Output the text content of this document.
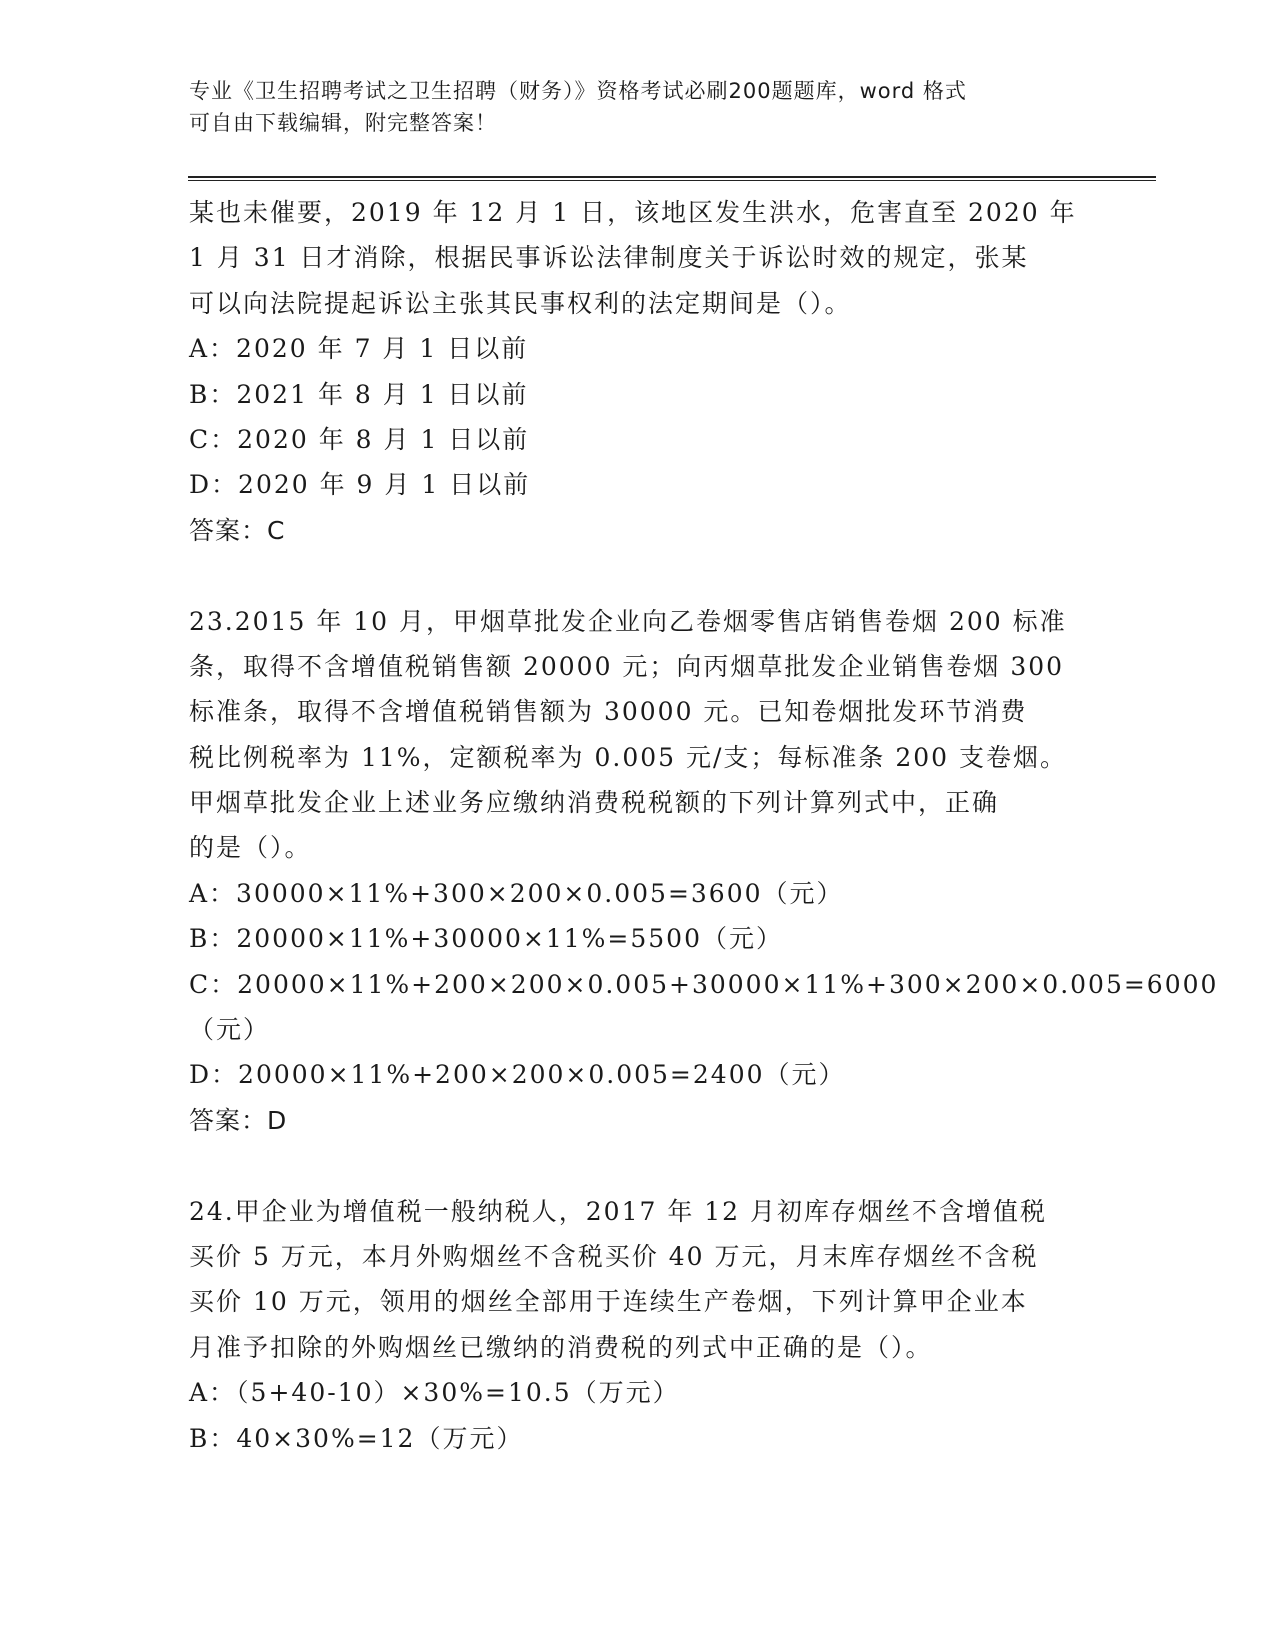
专业《卫生招聘考试之卫生招聘（财务）》资格考试必刷200题题库，word 格式
可自由下载编辑，附完整答案！
某也未催要，2019 年 12 月 1 日，该地区发生洪水，危害直至 2020 年
1 月 31 日才消除，根据民事诉讼法律制度关于诉讼时效的规定，张某
可以向法院提起诉讼主张其民事权利的法定期间是（）。
A：2020 年 7 月 1 日以前
B：2021 年 8 月 1 日以前
C：2020 年 8 月 1 日以前
D：2020 年 9 月 1 日以前
答案：C
23.2015 年 10 月，甲烟草批发企业向乙卷烟零售店销售卷烟 200 标准
条，取得不含增值税销售额 20000 元；向丙烟草批发企业销售卷烟 300
标准条，取得不含增值税销售额为 30000 元。已知卷烟批发环节消费
税比例税率为 11%，定额税率为 0.005 元/支；每标准条 200 支卷烟。
甲烟草批发企业上述业务应缴纳消费税税额的下列计算列式中，正确
的是（）。
A：30000×11%+300×200×0.005=3600（元）
B：20000×11%+30000×11%=5500（元）
C：20000×11%+200×200×0.005+30000×11%+300×200×0.005=6000
（元）
D：20000×11%+200×200×0.005=2400（元）
答案：D
24.甲企业为增值税一般纳税人，2017 年 12 月初库存烟丝不含增值税
买价 5 万元，本月外购烟丝不含税买价 40 万元，月末库存烟丝不含税
买价 10 万元，领用的烟丝全部用于连续生产卷烟，下列计算甲企业本
月准予扣除的外购烟丝已缴纳的消费税的列式中正确的是（）。
A：（5+40-10）×30%=10.5（万元）
B：40×30%=12（万元）
